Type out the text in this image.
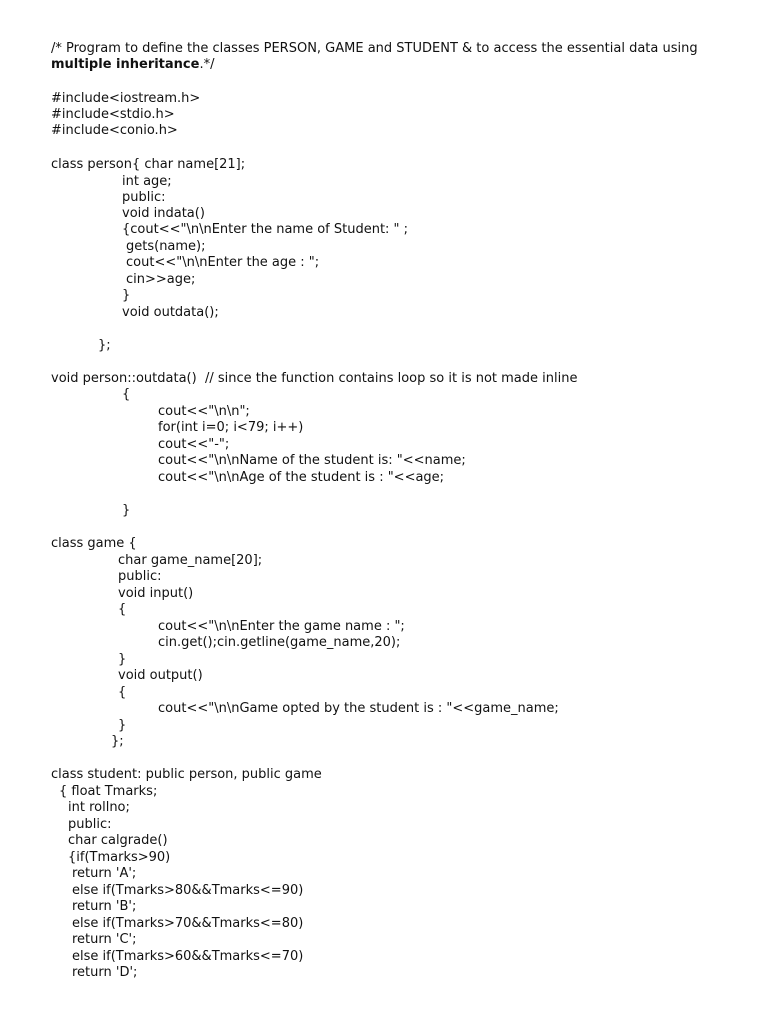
/* Program to define the classes PERSON, GAME and STUDENT & to access the essential data using
multiple inheritance.*/
#include<iostream.h>
#include<stdio.h>
#include<conio.h>
class person{ char name[21];
int age;
public:
void indata()
{cout<<"\n\nEnter the name of Student: " ;
gets(name);
cout<<"\n\nEnter the age : ";
cin>>age;
}
void outdata();
};
void person::outdata()  // since the function contains loop so it is not made inline
{
cout<<"\n\n";
for(int i=0; i<79; i++)
cout<<"-";
cout<<"\n\nName of the student is: "<<name;
cout<<"\n\nAge of the student is : "<<age;
}
class game {
char game_name[20];
public:
void input()
{
cout<<"\n\nEnter the game name : ";
cin.get();cin.getline(game_name,20);
}
void output()
{
cout<<"\n\nGame opted by the student is : "<<game_name;
}
};
class student: public person, public game
{ float Tmarks;
int rollno;
public:
char calgrade()
{if(Tmarks>90)
return 'A';
else if(Tmarks>80&&Tmarks<=90)
return 'B';
else if(Tmarks>70&&Tmarks<=80)
return 'C';
else if(Tmarks>60&&Tmarks<=70)
return 'D';
